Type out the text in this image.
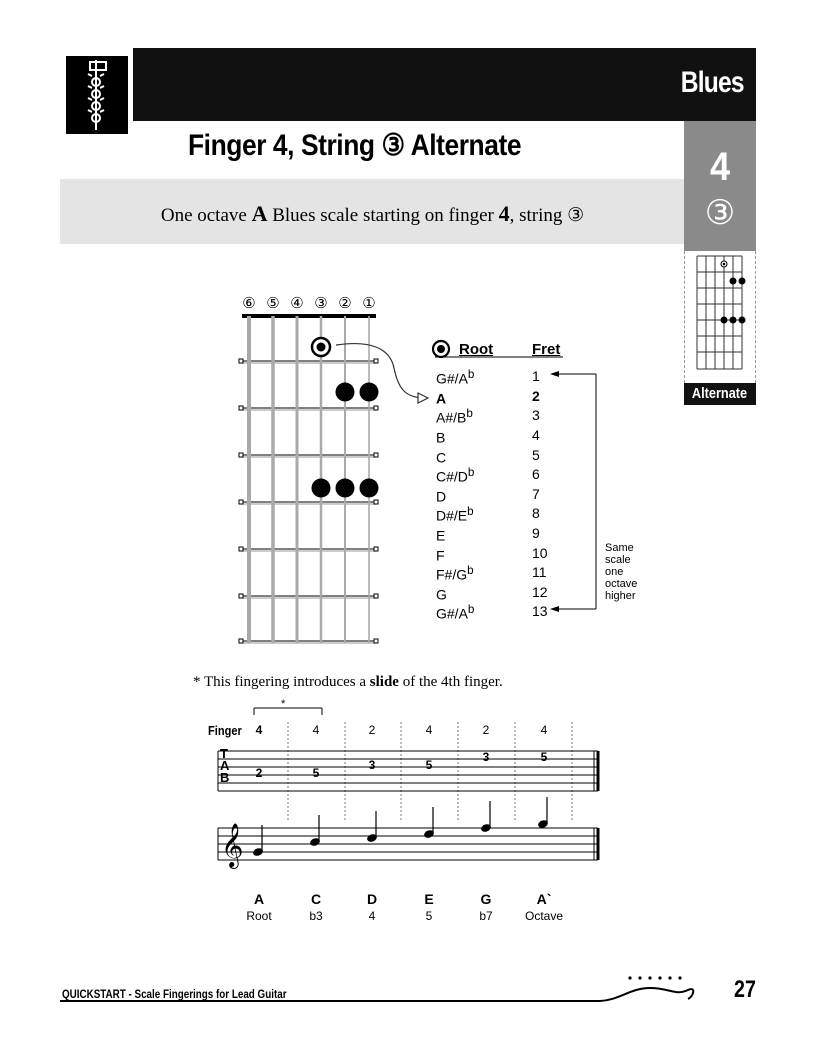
Blues
Finger 4, String ③ Alternate
One octave A Blues scale starting on finger 4, string ③
4
③
Alternate
⑥ ⑤ ④ ③ ② ①
Root	Fret
$G\#/A^b$	1
A	2
$A\#/B^b$	3
B	4
C	5
$C\#/D^b$	6
D	7
$D\#/E^b$	8
E	9
F	10
$F\#/G^b$	11
G	12
$G\#/A^b$	13
Same
scale
one
octave
higher
* This fingering introduces a slide of the 4th finger.
𝄞
*
Finger	4	4	2	4	2	4
T
A
B	2	5
3	5
3	5
A	C	D	E	G	A`
Root	b3	4	5	b7	Octave
QUICKSTART - Scale Fingerings for Lead Guitar	27
